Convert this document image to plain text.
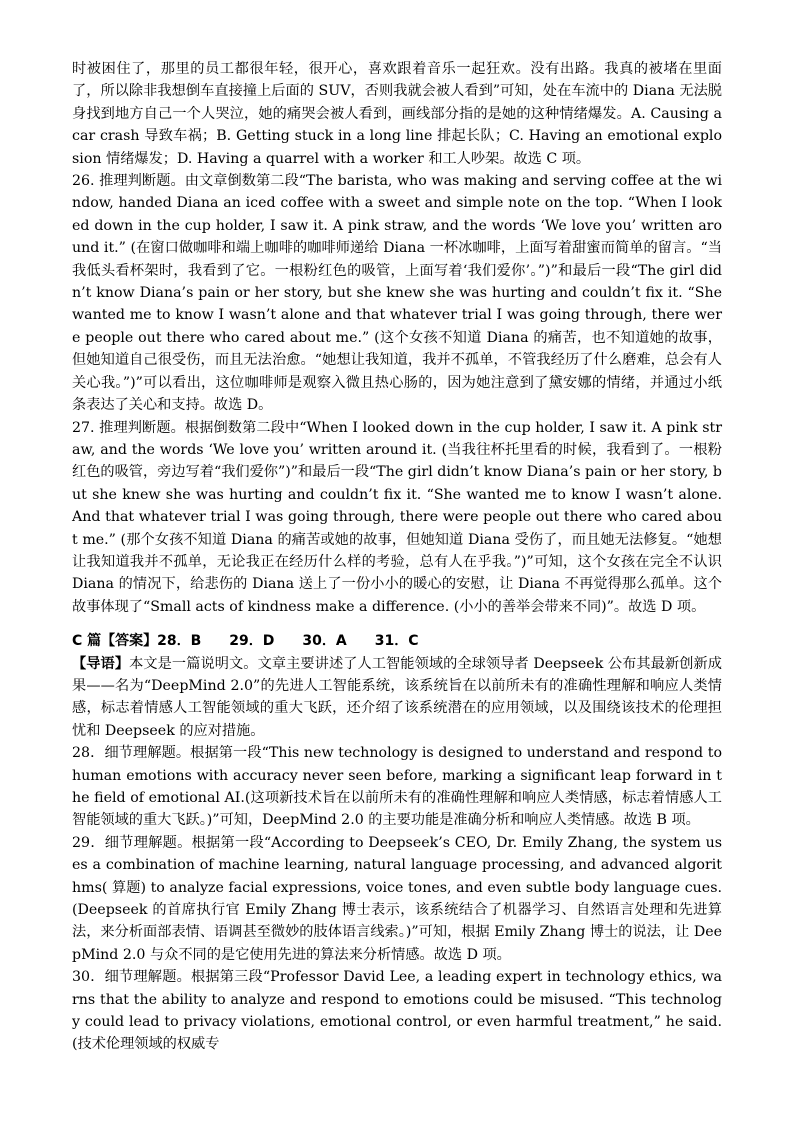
时被困住了，那里的员工都很年轻，很开心，喜欢跟着音乐一起狂欢。没有出路。我真的被堵在里面了，所以除非我想倒车直接撞上后面的 SUV，否则我就会被人看到”可知，处在车流中的 Diana 无法脱身找到地方自己一个人哭泣，她的痛哭会被人看到，画线部分指的是她的这种情绪爆发。A. Causing a car crash 导致车祸；B. Getting stuck in a long line 排起长队；C. Having an emotional explosion 情绪爆发；D. Having a quarrel with a worker 和工人吵架。故选 C 项。

26. 推理判断题。由文章倒数第二段“The barista, who was making and serving coffee at the window, handed Diana an iced coffee with a sweet and simple note on the top. “When I looked down in the cup holder, I saw it. A pink straw, and the words ‘We love you’ written around it.” (在窗口做咖啡和端上咖啡的咖啡师递给 Diana 一杯冰咖啡，上面写着甜蜜而简单的留言。“当我低头看杯架时，我看到了它。一根粉红色的吸管，上面写着‘我们爱你’。”)”和最后一段“The girl didn’t know Diana’s pain or her story, but she knew she was hurting and couldn’t fix it. “She wanted me to know I wasn’t alone and that whatever trial I was going through, there were people out there who cared about me.” (这个女孩不知道 Diana 的痛苦，也不知道她的故事，但她知道自己很受伤，而且无法治愈。“她想让我知道，我并不孤单，不管我经历了什么磨难，总会有人关心我。”)”可以看出，这位咖啡师是观察入微且热心肠的，因为她注意到了黛安娜的情绪，并通过小纸条表达了关心和支持。故选 D。

27. 推理判断题。根据倒数第二段中“When I looked down in the cup holder, I saw it. A pink straw, and the words ‘We love you’ written around it. (当我往杯托里看的时候，我看到了。一根粉红色的吸管，旁边写着“我们爱你”)”和最后一段“The girl didn’t know Diana’s pain or her story, but she knew she was hurting and couldn’t fix it. “She wanted me to know I wasn’t alone. And that whatever trial I was going through, there were people out there who cared about me.” (那个女孩不知道 Diana 的痛苦或她的故事，但她知道 Diana 受伤了，而且她无法修复。“她想让我知道我并不孤单，无论我正在经历什么样的考验，总有人在乎我。”)”可知，这个女孩在完全不认识 Diana 的情况下，给悲伤的 Diana 送上了一份小小的暖心的安慰，让 Diana 不再觉得那么孤单。这个故事体现了“Small acts of kindness make a difference. (小小的善举会带来不同)”。故选 D 项。

C 篇【答案】28．B　　29．D　　30．A　　31．C

【导语】本文是一篇说明文。文章主要讲述了人工智能领域的全球领导者 Deepseek 公布其最新创新成果——名为“DeepMind 2.0”的先进人工智能系统，该系统旨在以前所未有的准确性理解和响应人类情感，标志着情感人工智能领域的重大飞跃，还介绍了该系统潜在的应用领域，以及围绕该技术的伦理担忧和 Deepseek 的应对措施。

28．细节理解题。根据第一段“This new technology is designed to understand and respond to human emotions with accuracy never seen before, marking a significant leap forward in the field of emotional AI.(这项新技术旨在以前所未有的准确性理解和响应人类情感，标志着情感人工智能领域的重大飞跃。)”可知，DeepMind 2.0 的主要功能是准确分析和响应人类情感。故选 B 项。

29．细节理解题。根据第一段“According to Deepseek’s CEO, Dr. Emily Zhang, the system uses a combination of machine learning, natural language processing, and advanced algorithms( 算题) to analyze facial expressions, voice tones, and even subtle body language cues.(Deepseek 的首席执行官 Emily Zhang 博士表示，该系统结合了机器学习、自然语言处理和先进算法，来分析面部表情、语调甚至微妙的肢体语言线索。)”可知，根据 Emily Zhang 博士的说法，让 DeepMind 2.0 与众不同的是它使用先进的算法来分析情感。故选 D 项。

30．细节理解题。根据第三段“Professor David Lee, a leading expert in technology ethics, warns that the ability to analyze and respond to emotions could be misused. “This technology could lead to privacy violations, emotional control, or even harmful treatment,” he said.(技术伦理领域的权威专
